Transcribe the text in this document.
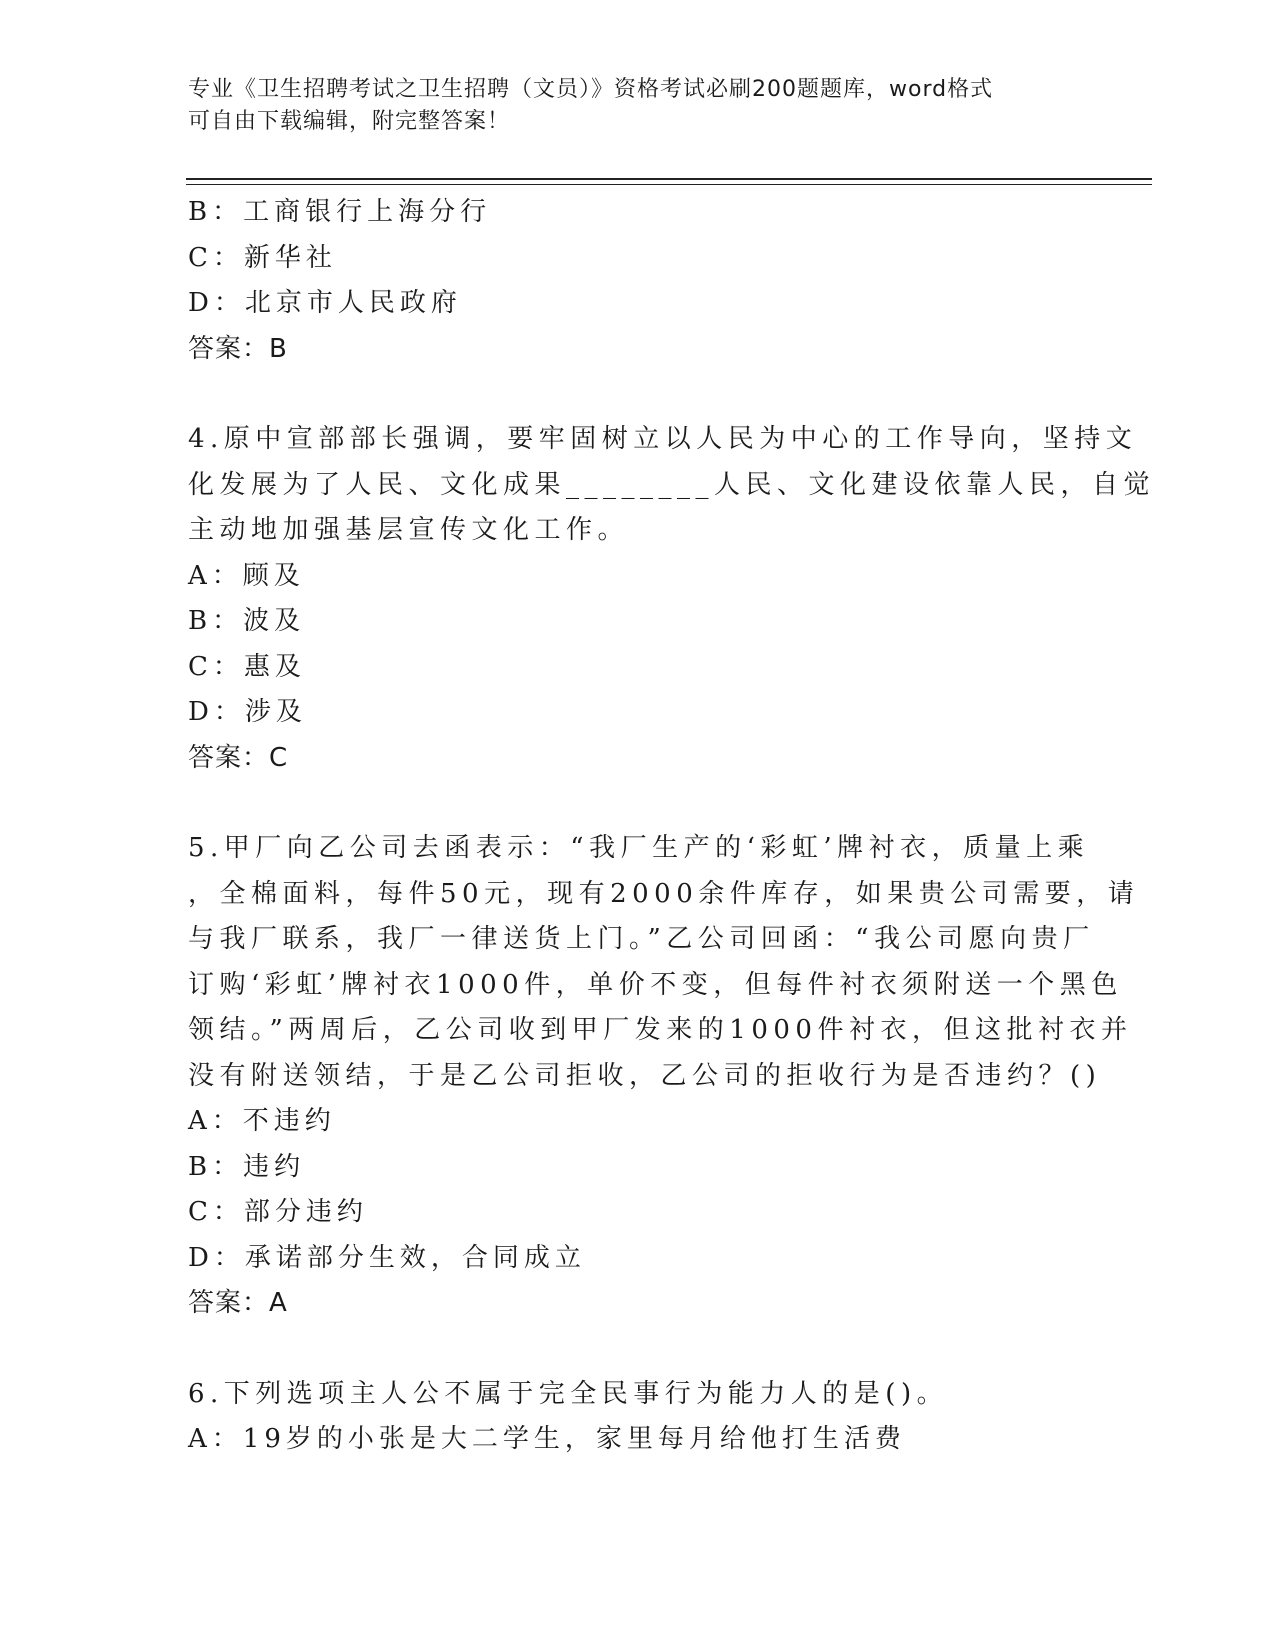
专业《卫生招聘考试之卫生招聘（文员）》资格考试必刷200题题库，word格式
可自由下载编辑，附完整答案！
B：工商银行上海分行
C：新华社
D：北京市人民政府
答案：B
4.原中宣部部长强调，要牢固树立以人民为中心的工作导向，坚持文
化发展为了人民、文化成果________人民、文化建设依靠人民，自觉
主动地加强基层宣传文化工作。
A：顾及
B：波及
C：惠及
D：涉及
答案：C
5.甲厂向乙公司去函表示：“我厂生产的‘彩虹’牌衬衣，质量上乘
，全棉面料，每件50元，现有2000余件库存，如果贵公司需要，请
与我厂联系，我厂一律送货上门。”乙公司回函：“我公司愿向贵厂
订购‘彩虹’牌衬衣1000件，单价不变，但每件衬衣须附送一个黑色
领结。”两周后，乙公司收到甲厂发来的1000件衬衣，但这批衬衣并
没有附送领结，于是乙公司拒收，乙公司的拒收行为是否违约？()
A：不违约
B：违约
C：部分违约
D：承诺部分生效，合同成立
答案：A
6.下列选项主人公不属于完全民事行为能力人的是()。
A：19岁的小张是大二学生，家里每月给他打生活费
